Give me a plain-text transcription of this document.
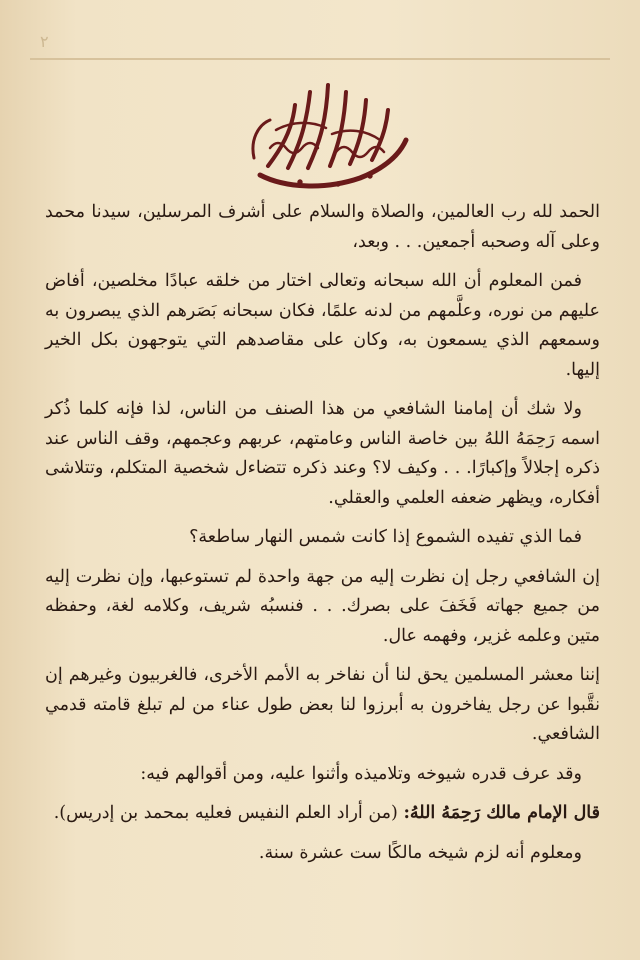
٢

الحمد لله رب العالمين، والصلاة والسلام على أشرف المرسلين، سيدنا محمد وعلى آله وصحبه أجمعين. . . وبعد،

فمن المعلوم أن الله سبحانه وتعالى اختار من خلقه عبادًا مخلصين، أفاض عليهم من نوره، وعلَّمهم من لدنه علمًا، فكان سبحانه بَصَرهم الذي يبصرون به وسمعهم الذي يسمعون به، وكان على مقاصدهم التي يتوجهون بكل الخير إليها.

ولا شك أن إمامنا الشافعي من هذا الصنف من الناس، لذا فإنه كلما ذُكر اسمه رَحِمَهُ اللهُ بين خاصة الناس وعامتهم، عربهم وعجمهم، وقف الناس عند ذكره إجلالاً وإكبارًا. . . وكيف لا؟ وعند ذكره تتضاءل شخصية المتكلم، وتتلاشى أفكاره، ويظهر ضعفه العلمي والعقلي.

فما الذي تفيده الشموع إذا كانت شمس النهار ساطعة؟

إن الشافعي رجل إن نظرت إليه من جهة واحدة لم تستوعبها، وإن نظرت إليه من جميع جهاته فَخَفَ على بصرك. . . فنسبُه شريف، وكلامه لغة، وحفظه متين وعلمه غزير، وفهمه عال.

إننا معشر المسلمين يحق لنا أن نفاخر به الأمم الأخرى، فالغربيون وغيرهم إن نقَّبوا عن رجل يفاخرون به أبرزوا لنا بعض طول عناء من لم تبلغ قامته قدمي الشافعي.

وقد عرف قدره شيوخه وتلاميذه وأثنوا عليه، ومن أقوالهم فيه:

قال الإمام مالك رَحِمَهُ اللهُ: (من أراد العلم النفيس فعليه بمحمد بن إدريس).

ومعلوم أنه لزم شيخه مالكًا ست عشرة سنة.
